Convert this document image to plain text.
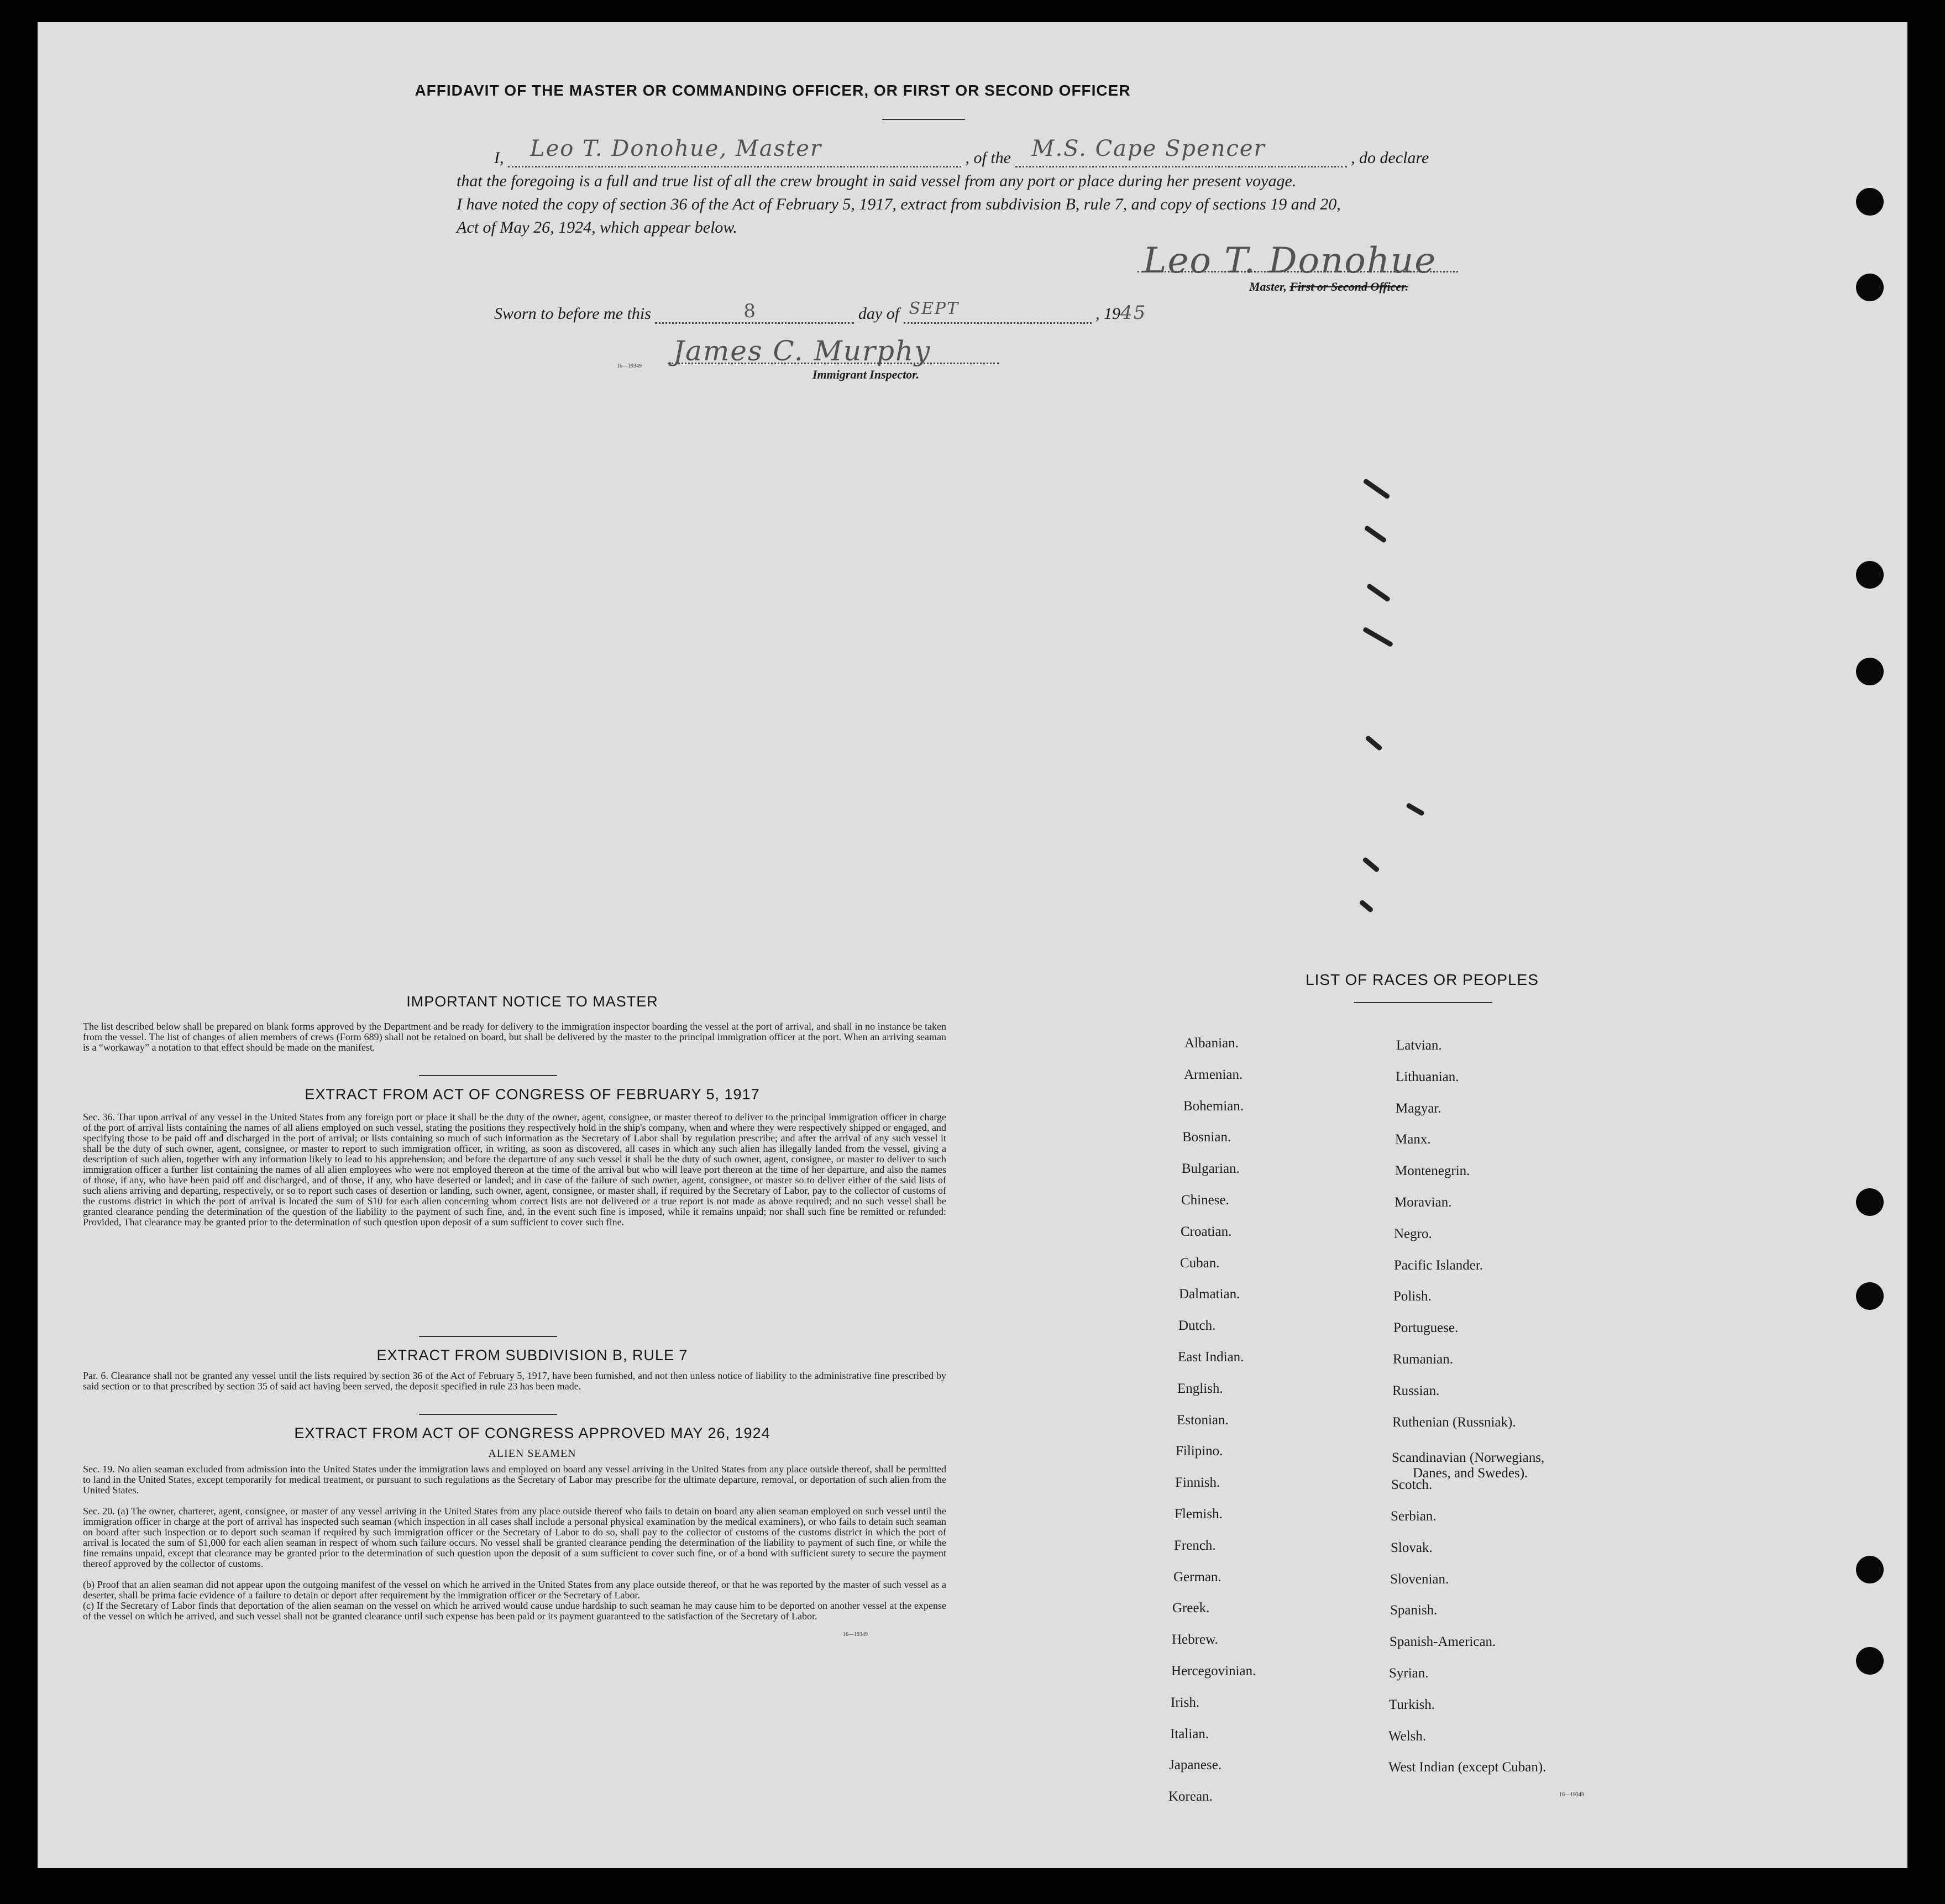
AFFIDAVIT OF THE MASTER OR COMMANDING OFFICER, OR FIRST OR SECOND OFFICER
I, Leo T. Donohue, Master	, of the M.S. Cape Spencer	, do declare
that the foregoing is a full and true list of all the crew brought in said vessel from any port or place during her present voyage.
I have noted the copy of section 36 of the Act of February 5, 1917, extract from subdivision B, rule 7, and copy of sections 19 and 20,
Act of May 26, 1924, which appear below.
Leo T. Donohue
Master, First or Second Officer.
Sworn to before me this	8	day of SEPT	, 1945
16—19349 James C. Murphy
Immigrant Inspector.
IMPORTANT NOTICE TO MASTER
The list described below shall be prepared on blank forms approved by the Department and be ready for delivery to the immigration inspector boarding the vessel at the port of arrival, and shall in no instance be taken from the vessel. The list of changes of alien members of crews (Form 689) shall not be retained on board, but shall be delivered by the master to the principal immigration officer at the port. When an arriving seaman is a “workaway” a notation to that effect should be made on the manifest.
EXTRACT FROM ACT OF CONGRESS OF FEBRUARY 5, 1917
Sec. 36. That upon arrival of any vessel in the United States from any foreign port or place it shall be the duty of the owner, agent, consignee, or master thereof to deliver to the principal immigration officer in charge of the port of arrival lists containing the names of all aliens employed on such vessel, stating the positions they respectively hold in the ship's company, when and where they were respectively shipped or engaged, and specifying those to be paid off and discharged in the port of arrival; or lists containing so much of such information as the Secretary of Labor shall by regulation prescribe; and after the arrival of any such vessel it shall be the duty of such owner, agent, consignee, or master to report to such immigration officer, in writing, as soon as discovered, all cases in which any such alien has illegally landed from the vessel, giving a description of such alien, together with any information likely to lead to his apprehension; and before the departure of any such vessel it shall be the duty of such owner, agent, consignee, or master to deliver to such immigration officer a further list containing the names of all alien employees who were not employed thereon at the time of the arrival but who will leave port thereon at the time of her departure, and also the names of those, if any, who have been paid off and discharged, and of those, if any, who have deserted or landed; and in case of the failure of such owner, agent, consignee, or master so to deliver either of the said lists of such aliens arriving and departing, respectively, or so to report such cases of desertion or landing, such owner, agent, consignee, or master shall, if required by the Secretary of Labor, pay to the collector of customs of the customs district in which the port of arrival is located the sum of $10 for each alien concerning whom correct lists are not delivered or a true report is not made as above required; and no such vessel shall be granted clearance pending the determination of the question of the liability to the payment of such fine, and, in the event such fine is imposed, while it remains unpaid; nor shall such fine be remitted or refunded: Provided, That clearance may be granted prior to the determination of such question upon deposit of a sum sufficient to cover such fine.
EXTRACT FROM SUBDIVISION B, RULE 7
Par. 6. Clearance shall not be granted any vessel until the lists required by section 36 of the Act of February 5, 1917, have been furnished, and not then unless notice of liability to the administrative fine prescribed by said section or to that prescribed by section 35 of said act having been served, the deposit specified in rule 23 has been made.
EXTRACT FROM ACT OF CONGRESS APPROVED MAY 26, 1924
ALIEN SEAMEN
Sec. 19. No alien seaman excluded from admission into the United States under the immigration laws and employed on board any vessel arriving in the United States from any place outside thereof, shall be permitted to land in the United States, except temporarily for medical treatment, or pursuant to such regulations as the Secretary of Labor may prescribe for the ultimate departure, removal, or deportation of such alien from the United States.
Sec. 20. (a) The owner, charterer, agent, consignee, or master of any vessel arriving in the United States from any place outside thereof who fails to detain on board any alien seaman employed on such vessel until the immigration officer in charge at the port of arrival has inspected such seaman (which inspection in all cases shall include a personal physical examination by the medical examiners), or who fails to detain such seaman on board after such inspection or to deport such seaman if required by such immigration officer or the Secretary of Labor to do so, shall pay to the collector of customs of the customs district in which the port of arrival is located the sum of $1,000 for each alien seaman in respect of whom such failure occurs. No vessel shall be granted clearance pending the determination of the liability to payment of such fine, or while the fine remains unpaid, except that clearance may be granted prior to the determination of such question upon the deposit of a sum sufficient to cover such fine, or of a bond with sufficient surety to secure the payment thereof approved by the collector of customs.
(b) Proof that an alien seaman did not appear upon the outgoing manifest of the vessel on which he arrived in the United States from any place outside thereof, or that he was reported by the master of such vessel as a deserter, shall be prima facie evidence of a failure to detain or deport after requirement by the immigration officer or the Secretary of Labor.
(c) If the Secretary of Labor finds that deportation of the alien seaman on the vessel on which he arrived would cause undue hardship to such seaman he may cause him to be deported on another vessel at the expense of the vessel on which he arrived, and such vessel shall not be granted clearance until such expense has been paid or its payment guaranteed to the satisfaction of the Secretary of Labor.
16—19349
LIST OF RACES OR PEOPLES
16—19349
Albanian.
Armenian.
Bohemian.
Bosnian.
Bulgarian.
Chinese.
Croatian.
Cuban.
Dalmatian.
Dutch.
East Indian.
English.
Estonian.
Filipino.
Finnish.
Flemish.
French.
German.
Greek.
Hebrew.
Hercegovinian.
Irish.
Italian.
Japanese.
Korean.
Latvian.
Lithuanian.
Magyar.
Manx.
Montenegrin.
Moravian.
Negro.
Pacific Islander.
Polish.
Portuguese.
Rumanian.
Russian.
Ruthenian (Russniak).
Scandinavian (Norwegians,
Danes, and Swedes).
Scotch.
Serbian.
Slovak.
Slovenian.
Spanish.
Spanish-American.
Syrian.
Turkish.
Welsh.
West Indian (except Cuban).
